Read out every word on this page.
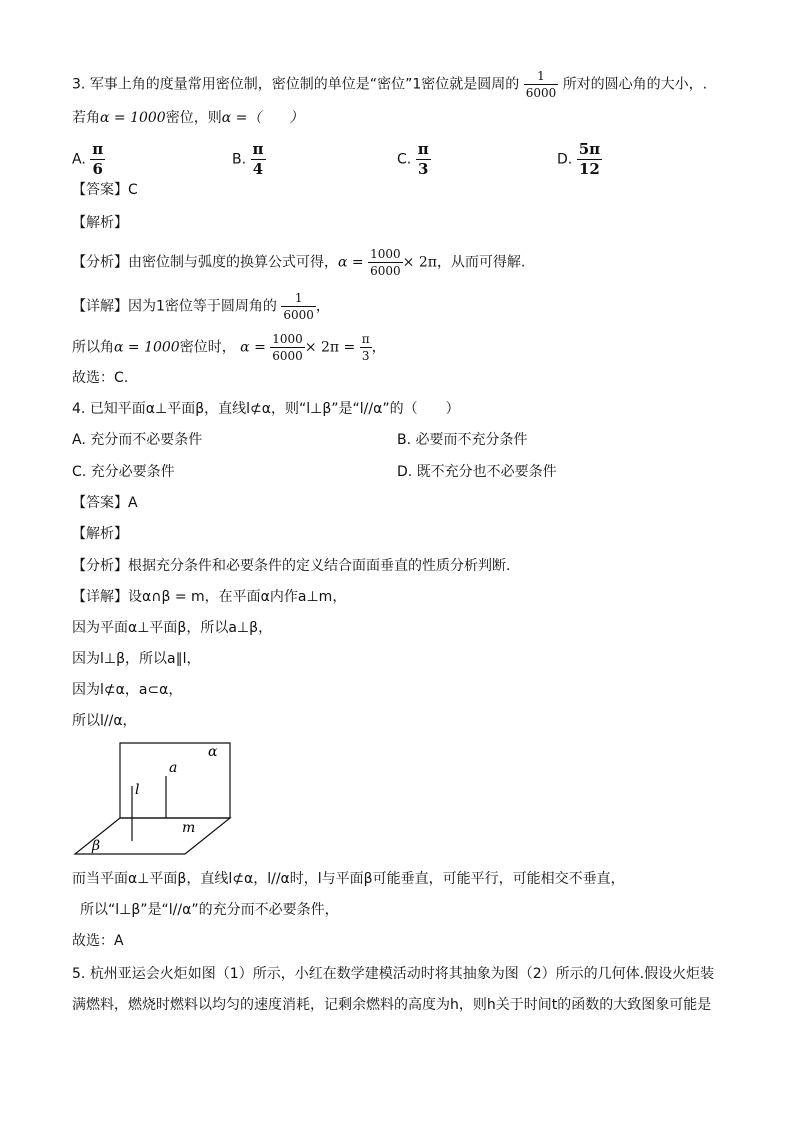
3. 军事上角的度量常用密位制，密位制的单位是“密位”1密位就是圆周的 $\frac{1}{6000}$ 所对的圆心角的大小，.
若角α = 1000密位，则α =（　　）
A. $\frac{\pi}{6}$	B. $\frac{\pi}{4}$	C. $\frac{\pi}{3}$	D. $\frac{5\pi}{12}$
【答案】C
【解析】
【分析】由密位制与弧度的换算公式可得，$\alpha = \frac{1000}{6000} \times 2\pi$，从而可得解.
【详解】因为1密位等于圆周角的 $\frac{1}{6000}$ ，
所以角α = 1000密位时， $\alpha = \frac{1000}{6000} \times 2\pi = \frac{\pi}{3}$ ，
故选：C.
4. 已知平面α⊥平面β，直线l⊄α，则“l⊥β”是“l//α”的（　　）
A. 充分而不必要条件	B. 必要而不充分条件
C. 充分必要条件	D. 既不充分也不必要条件
【答案】A
【解析】
【分析】根据充分条件和必要条件的定义结合面面垂直的性质分析判断.
【详解】设α∩β = m，在平面α内作a⊥m，
因为平面α⊥平面β，所以a⊥β，
因为l⊥β，所以a∥l，
因为l⊄α，a⊂α，
所以l//α，
α
a
l
m
β
而当平面α⊥平面β，直线l⊄α，l//α时，l与平面β可能垂直，可能平行，可能相交不垂直，
所以“l⊥β”是“l//α”的充分而不必要条件，
故选：A
5. 杭州亚运会火炬如图（1）所示，小红在数学建模活动时将其抽象为图（2）所示的几何体.假设火炬装
满燃料，燃烧时燃料以均匀的速度消耗，记剩余燃料的高度为h，则h关于时间t的函数的大致图象可能是
